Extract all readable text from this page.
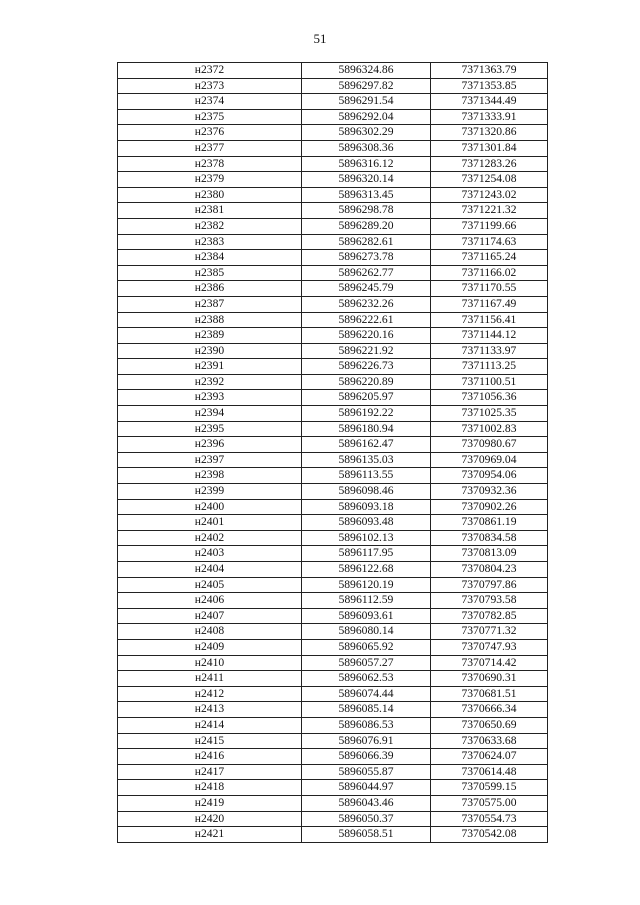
51
н2372	5896324.86	7371363.79
н2373	5896297.82	7371353.85
н2374	5896291.54	7371344.49
н2375	5896292.04	7371333.91
н2376	5896302.29	7371320.86
н2377	5896308.36	7371301.84
н2378	5896316.12	7371283.26
н2379	5896320.14	7371254.08
н2380	5896313.45	7371243.02
н2381	5896298.78	7371221.32
н2382	5896289.20	7371199.66
н2383	5896282.61	7371174.63
н2384	5896273.78	7371165.24
н2385	5896262.77	7371166.02
н2386	5896245.79	7371170.55
н2387	5896232.26	7371167.49
н2388	5896222.61	7371156.41
н2389	5896220.16	7371144.12
н2390	5896221.92	7371133.97
н2391	5896226.73	7371113.25
н2392	5896220.89	7371100.51
н2393	5896205.97	7371056.36
н2394	5896192.22	7371025.35
н2395	5896180.94	7371002.83
н2396	5896162.47	7370980.67
н2397	5896135.03	7370969.04
н2398	5896113.55	7370954.06
н2399	5896098.46	7370932.36
н2400	5896093.18	7370902.26
н2401	5896093.48	7370861.19
н2402	5896102.13	7370834.58
н2403	5896117.95	7370813.09
н2404	5896122.68	7370804.23
н2405	5896120.19	7370797.86
н2406	5896112.59	7370793.58
н2407	5896093.61	7370782.85
н2408	5896080.14	7370771.32
н2409	5896065.92	7370747.93
н2410	5896057.27	7370714.42
н2411	5896062.53	7370690.31
н2412	5896074.44	7370681.51
н2413	5896085.14	7370666.34
н2414	5896086.53	7370650.69
н2415	5896076.91	7370633.68
н2416	5896066.39	7370624.07
н2417	5896055.87	7370614.48
н2418	5896044.97	7370599.15
н2419	5896043.46	7370575.00
н2420	5896050.37	7370554.73
н2421	5896058.51	7370542.08
